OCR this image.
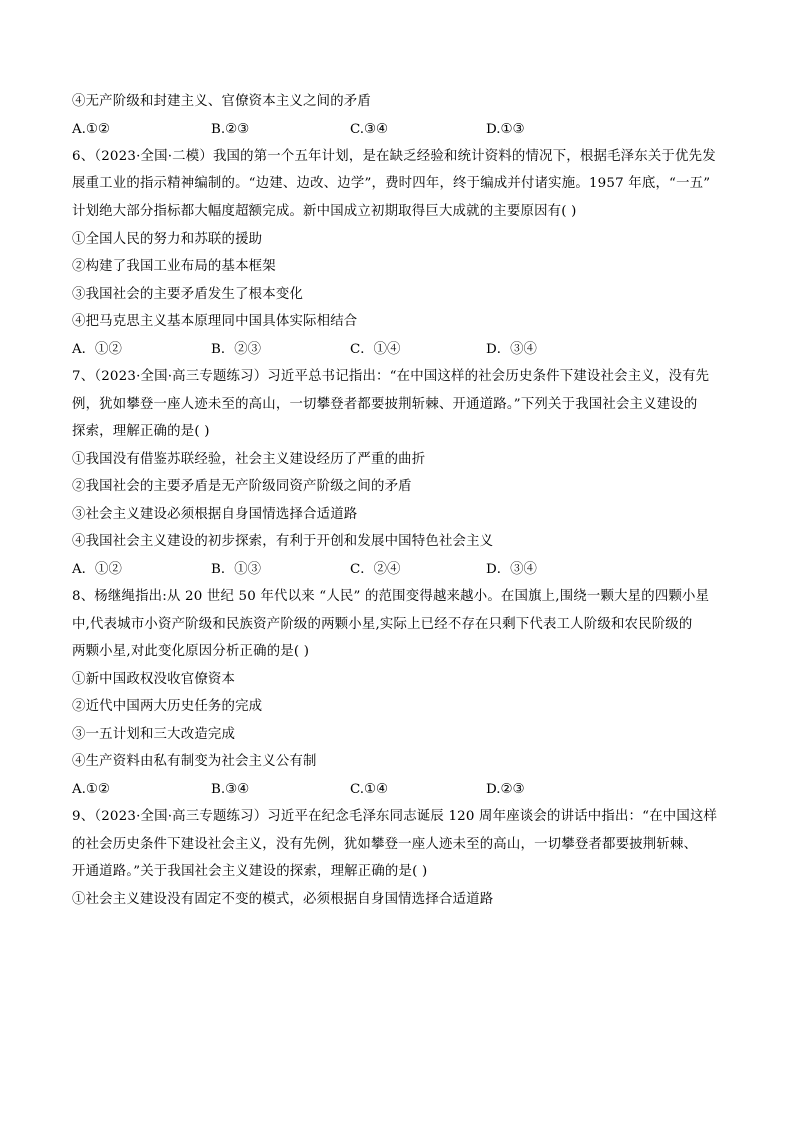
④无产阶级和封建主义、官僚资本主义之间的矛盾
A.①②	B.②③	C.③④	D.①③
6、（2023·全国·二模）我国的第一个五年计划，是在缺乏经验和统计资料的情况下，根据毛泽东关于优先发
展重工业的指示精神编制的。“边建、边改、边学”，费时四年，终于编成并付诸实施。1957 年底，“一五”
计划绝大部分指标都大幅度超额完成。新中国成立初期取得巨大成就的主要原因有( )
①全国人民的努力和苏联的援助
②构建了我国工业布局的基本框架
③我国社会的主要矛盾发生了根本变化
④把马克思主义基本原理同中国具体实际相结合
A．①②	B．②③	C．①④	D．③④
7、（2023·全国·高三专题练习）习近平总书记指出：“在中国这样的社会历史条件下建设社会主义，没有先
例，犹如攀登一座人迹未至的高山，一切攀登者都要披荆斩棘、开通道路。”下列关于我国社会主义建设的
探索，理解正确的是( )
①我国没有借鉴苏联经验，社会主义建设经历了严重的曲折
②我国社会的主要矛盾是无产阶级同资产阶级之间的矛盾
③社会主义建设必须根据自身国情选择合适道路
④我国社会主义建设的初步探索，有利于开创和发展中国特色社会主义
A．①②	B．①③	C．②④	D．③④
8、杨继绳指出:从 20 世纪 50 年代以来 “人民” 的范围变得越来越小。在国旗上,围绕一颗大星的四颗小星
中,代表城市小资产阶级和民族资产阶级的两颗小星,实际上已经不存在只剩下代表工人阶级和农民阶级的
两颗小星,对此变化原因分析正确的是( )
①新中国政权没收官僚资本
②近代中国两大历史任务的完成
③一五计划和三大改造完成
④生产资料由私有制变为社会主义公有制
A.①②	B.③④	C.①④	D.②③
9、（2023·全国·高三专题练习）习近平在纪念毛泽东同志诞辰 120 周年座谈会的讲话中指出：“在中国这样
的社会历史条件下建设社会主义，没有先例，犹如攀登一座人迹未至的高山，一切攀登者都要披荆斩棘、
开通道路。”关于我国社会主义建设的探索，理解正确的是( )
①社会主义建设没有固定不变的模式，必须根据自身国情选择合适道路
